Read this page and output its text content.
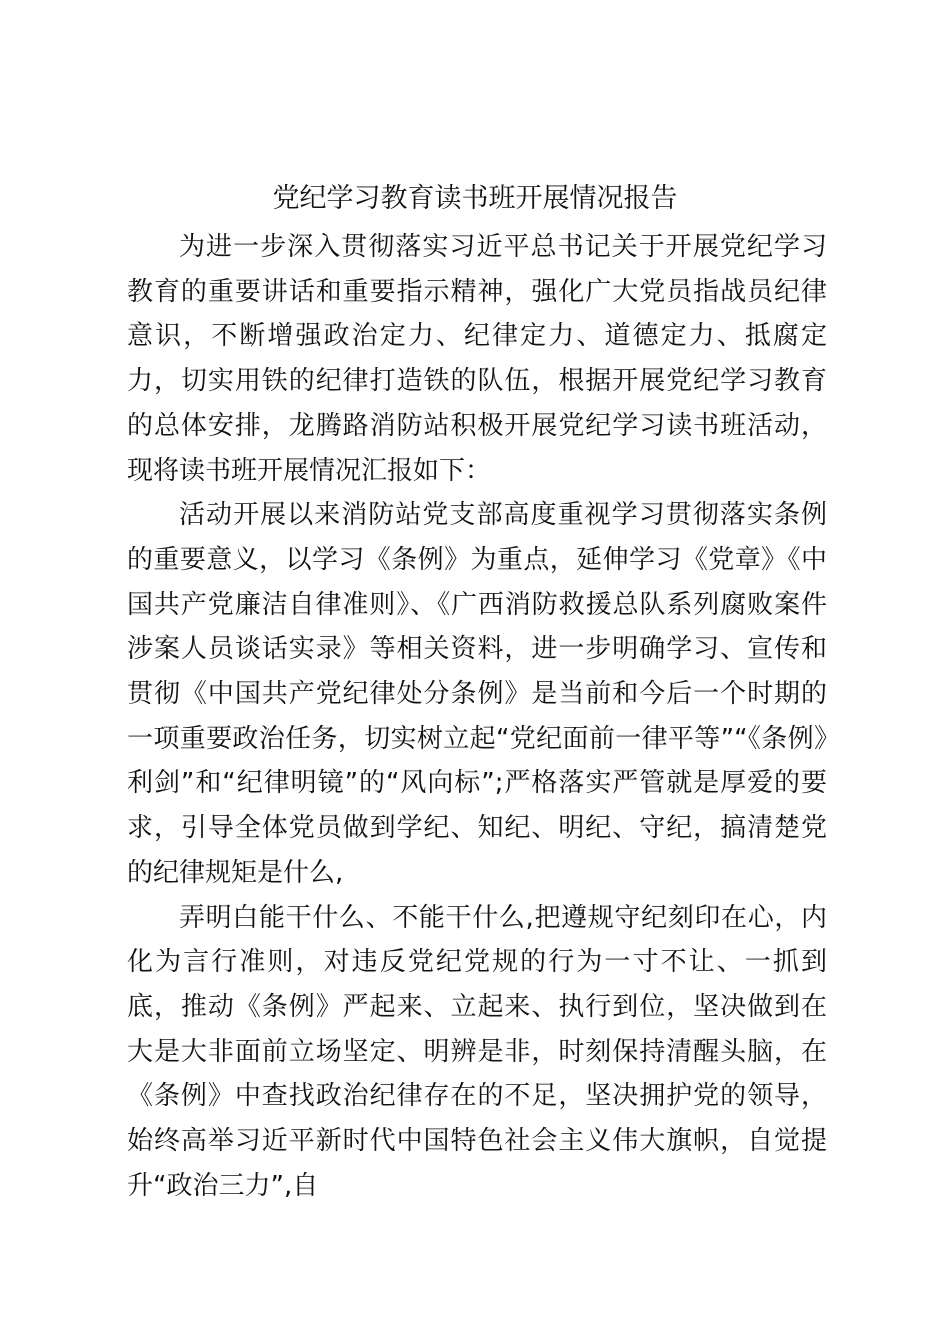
党纪学习教育读书班开展情况报告

为进一步深入贯彻落实习近平总书记关于开展党纪学习教育的重要讲话和重要指示精神，强化广大党员指战员纪律意识，不断增强政治定力、纪律定力、道德定力、抵腐定力，切实用铁的纪律打造铁的队伍，根据开展党纪学习教育的总体安排，龙腾路消防站积极开展党纪学习读书班活动，现将读书班开展情况汇报如下：

活动开展以来消防站党支部高度重视学习贯彻落实条例的重要意义，以学习《条例》为重点，延伸学习《党章》《中国共产党廉洁自律准则》、《广西消防救援总队系列腐败案件涉案人员谈话实录》等相关资料，进一步明确学习、宣传和贯彻《中国共产党纪律处分条例》是当前和今后一个时期的一项重要政治任务，切实树立起“党纪面前一律平等”“《条例》利剑”和“纪律明镜”的“风向标”;严格落实严管就是厚爱的要求，引导全体党员做到学纪、知纪、明纪、守纪，搞清楚党的纪律规矩是什么,

弄明白能干什么、不能干什么,把遵规守纪刻印在心，内化为言行准则，对违反党纪党规的行为一寸不让、一抓到底，推动《条例》严起来、立起来、执行到位，坚决做到在大是大非面前立场坚定、明辨是非，时刻保持清醒头脑，在《条例》中查找政治纪律存在的不足，坚决拥护党的领导，始终高举习近平新时代中国特色社会主义伟大旗帜，自觉提升“政治三力”,自
